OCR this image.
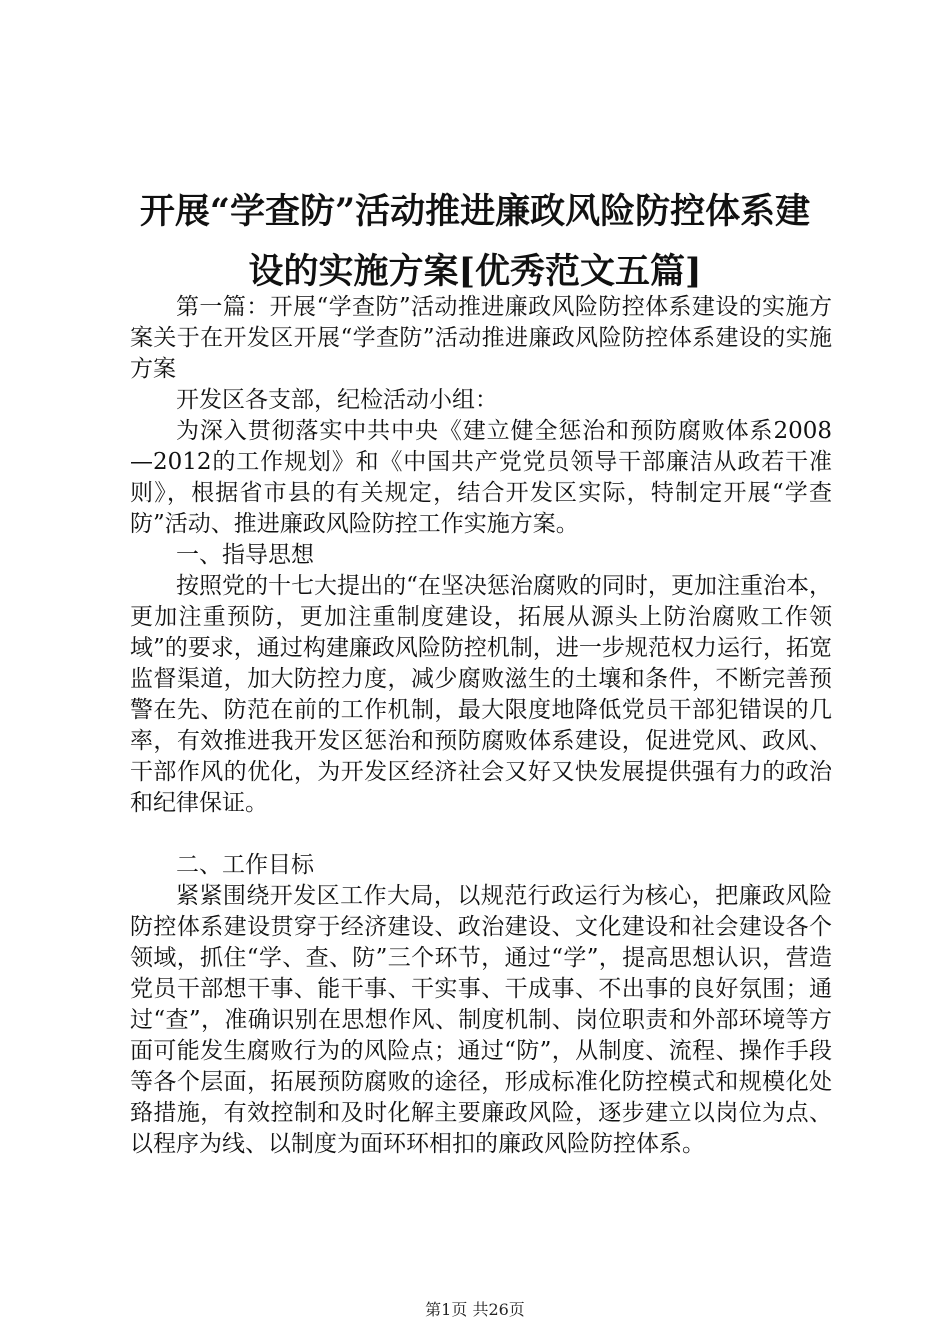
开展“学查防”活动推进廉政风险防控体系建
设的实施方案[优秀范文五篇]

第一篇：开展“学查防”活动推进廉政风险防控体系建设的实施方案关于在开发区开展“学查防”活动推进廉政风险防控体系建设的实施方案

开发区各支部，纪检活动小组：

为深入贯彻落实中共中央《建立健全惩治和预防腐败体系2008—2012的工作规划》和《中国共产党党员领导干部廉洁从政若干准则》，根据省市县的有关规定，结合开发区实际，特制定开展“学查防”活动、推进廉政风险防控工作实施方案。

一、指导思想

按照党的十七大提出的“在坚决惩治腐败的同时，更加注重治本，更加注重预防，更加注重制度建设，拓展从源头上防治腐败工作领域”的要求，通过构建廉政风险防控机制，进一步规范权力运行，拓宽监督渠道，加大防控力度，减少腐败滋生的土壤和条件，不断完善预警在先、防范在前的工作机制，最大限度地降低党员干部犯错误的几率，有效推进我开发区惩治和预防腐败体系建设，促进党风、政风、干部作风的优化，为开发区经济社会又好又快发展提供强有力的政治和纪律保证。

二、工作目标

紧紧围绕开发区工作大局，以规范行政运行为核心，把廉政风险防控体系建设贯穿于经济建设、政治建设、文化建设和社会建设各个领域，抓住“学、查、防”三个环节，通过“学”，提高思想认识，营造党员干部想干事、能干事、干实事、干成事、不出事的良好氛围；通过“查”，准确识别在思想作风、制度机制、岗位职责和外部环境等方面可能发生腐败行为的风险点；通过“防”，从制度、流程、操作手段等各个层面，拓展预防腐败的途径，形成标准化防控模式和规模化处臵措施，有效控制和及时化解主要廉政风险，逐步建立以岗位为点、以程序为线、以制度为面环环相扣的廉政风险防控体系。

第1页 共26页
